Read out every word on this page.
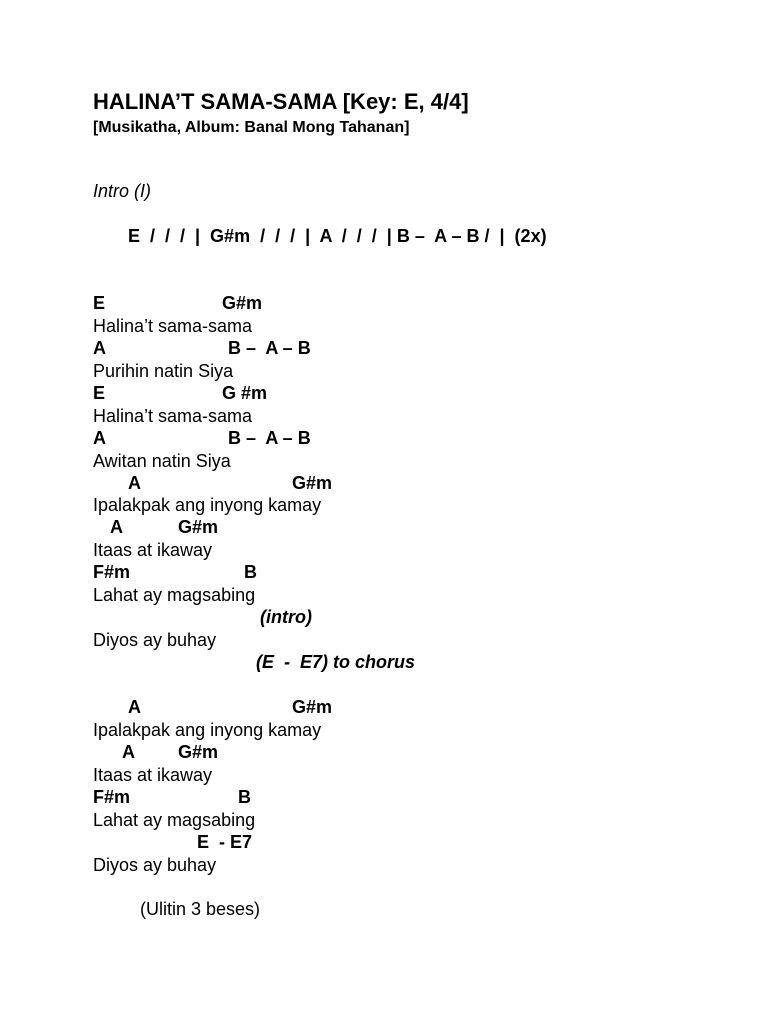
HALINA’T SAMA-SAMA [Key: E, 4/4]
[Musikatha, Album: Banal Mong Tahanan]
Intro (I)
E  /  /  /  |  G#m  /  /  /  |  A  /  /  /  | B –  A – B /  |  (2x)
E	G#m
Halina’t sama-sama
A	B –  A – B
Purihin natin Siya
E	G #m
Halina’t sama-sama
A	B –  A – B
Awitan natin Siya
A	G#m
Ipalakpak ang inyong kamay
A	G#m
Itaas at ikaway
F#m	B
Lahat ay magsabing
(intro)
Diyos ay buhay
(E  -  E7) to chorus
A	G#m
Ipalakpak ang inyong kamay
A G#m
Itaas at ikaway
F#m	B
Lahat ay magsabing
E  - E7
Diyos ay buhay
(Ulitin 3 beses)
